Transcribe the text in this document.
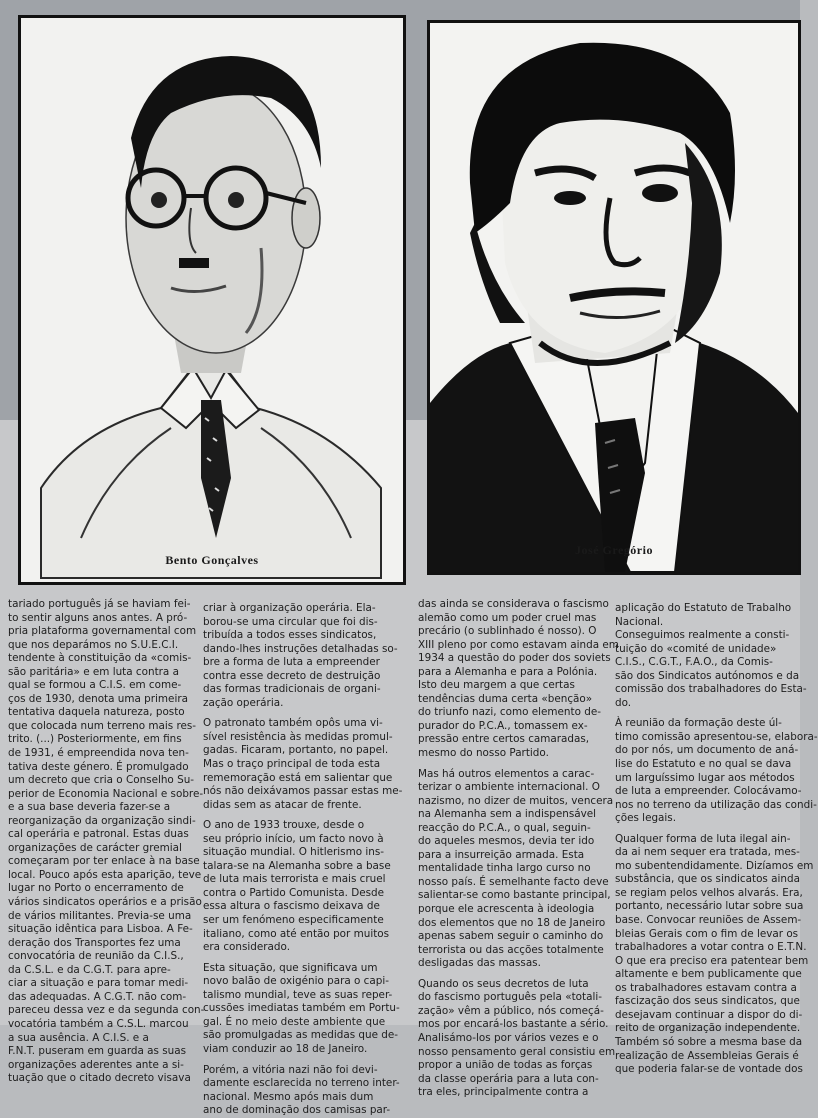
Bento Gonçalves
José Gregório
tariado português já se haviam fei-
to sentir alguns anos antes. A pró-
pria plataforma governamental com
que nos deparámos no S.U.E.C.I.
tendente à constituição da «comis-
são paritária» e em luta contra a
qual se formou a C.I.S. em come-
ços de 1930, denota uma primeira
tentativa daquela natureza, posto
que colocada num terreno mais res-
trito. (...) Posteriormente, em fins
de 1931, é empreendida nova ten-
tativa deste género. É promulgado
um decreto que cria o Conselho Su-
perior de Economia Nacional e sobre-
e a sua base deveria fazer-se a
reorganização da organização sindi-
cal operária e patronal. Estas duas
organizações de carácter gremial
começaram por ter enlace à na base
local. Pouco após esta aparição, teve
lugar no Porto o encerramento de
vários sindicatos operários e a prisão
de vários militantes. Previa-se uma
situação idêntica para Lisboa. A Fe-
deração dos Transportes fez uma
convocatória de reunião da C.I.S.,
da C.S.L. e da C.G.T. para apre-
ciar a situação e para tomar medi-
das adequadas. A C.G.T. não com-
pareceu dessa vez e da segunda con-
vocatória também a C.S.L. marcou
a sua ausência. A C.I.S. e a
F.N.T. puseram em guarda as suas
organizações aderentes ante a si-
tuação que o citado decreto visava
criar à organização operária. Ela-
borou-se uma circular que foi dis-
tribuída a todos esses sindicatos,
dando-lhes instruções detalhadas so-
bre a forma de luta a empreender
contra esse decreto de destruição
das formas tradicionais de organi-
zação operária.
O patronato também opôs uma vi-
sível resistência às medidas promul-
gadas. Ficaram, portanto, no papel.
Mas o traço principal de toda esta
rememoração está em salientar que
nós não deixávamos passar estas me-
didas sem as atacar de frente.
O ano de 1933 trouxe, desde o
seu próprio início, um facto novo à
situação mundial. O hitlerismo ins-
talara-se na Alemanha sobre a base
de luta mais terrorista e mais cruel
contra o Partido Comunista. Desde
essa altura o fascismo deixava de
ser um fenómeno especificamente
italiano, como até então por muitos
era considerado.
Esta situação, que significava um
novo balão de oxigénio para o capi-
talismo mundial, teve as suas reper-
cussões imediatas também em Portu-
gal. É no meio deste ambiente que
são promulgadas as medidas que de-
viam conduzir ao 18 de Janeiro.
Porém, a vitória nazi não foi devi-
damente esclarecida no terreno inter-
nacional. Mesmo após mais dum
ano de dominação dos camisas par-
das ainda se considerava o fascismo
alemão como um poder cruel mas
precário (o sublinhado é nosso). O
XIII pleno por como estavam ainda em
1934 a questão do poder dos soviets
para a Alemanha e para a Polónia.
Isto deu margem a que certas
tendências duma certa «benção»
do triunfo nazi, como elemento de-
purador do P.C.A., tomassem ex-
pressão entre certos camaradas,
mesmo do nosso Partido.
Mas há outros elementos a carac-
terizar o ambiente internacional. O
nazismo, no dizer de muitos, vencera
na Alemanha sem a indispensável
reacção do P.C.A., o qual, seguin-
do aqueles mesmos, devia ter ido
para a insurreição armada. Esta
mentalidade tinha largo curso no
nosso país. É semelhante facto deve
salientar-se como bastante principal,
porque ele acrescenta à ideologia
dos elementos que no 18 de Janeiro
apenas sabem seguir o caminho do
terrorista ou das acções totalmente
desligadas das massas.
Quando os seus decretos de luta
do fascismo português pela «totali-
zação» vêm a público, nós começá-
mos por encará-los bastante a sério.
Analisámo-los por vários vezes e o
nosso pensamento geral consistiu em
propor a união de todas as forças
da classe operária para a luta con-
tra eles, principalmente contra a
aplicação do Estatuto de Trabalho
Nacional.
Conseguimos realmente a consti-
tuição do «comité de unidade»
C.I.S., C.G.T., F.A.O., da Comis-
são dos Sindicatos autónomos e da
comissão dos trabalhadores do Esta-
do.
À reunião da formação deste úl-
timo comissão apresentou-se, elabora-
do por nós, um documento de aná-
lise do Estatuto e no qual se dava
um larguíssimo lugar aos métodos
de luta a empreender. Colocávamo-
nos no terreno da utilização das condi-
ções legais.
Qualquer forma de luta ilegal ain-
da ai nem sequer era tratada, mes-
mo subentendidamente. Dizíamos em
substância, que os sindicatos ainda
se regiam pelos velhos alvarás. Era,
portanto, necessário lutar sobre sua
base. Convocar reuniões de Assem-
bleias Gerais com o fim de levar os
trabalhadores a votar contra o E.T.N.
O que era preciso era patentear bem
altamente e bem publicamente que
os trabalhadores estavam contra a
fascização dos seus sindicatos, que
desejavam continuar a dispor do di-
reito de organização independente.
Também só sobre a mesma base da
realização de Assembleias Gerais é
que poderia falar-se de vontade dos
